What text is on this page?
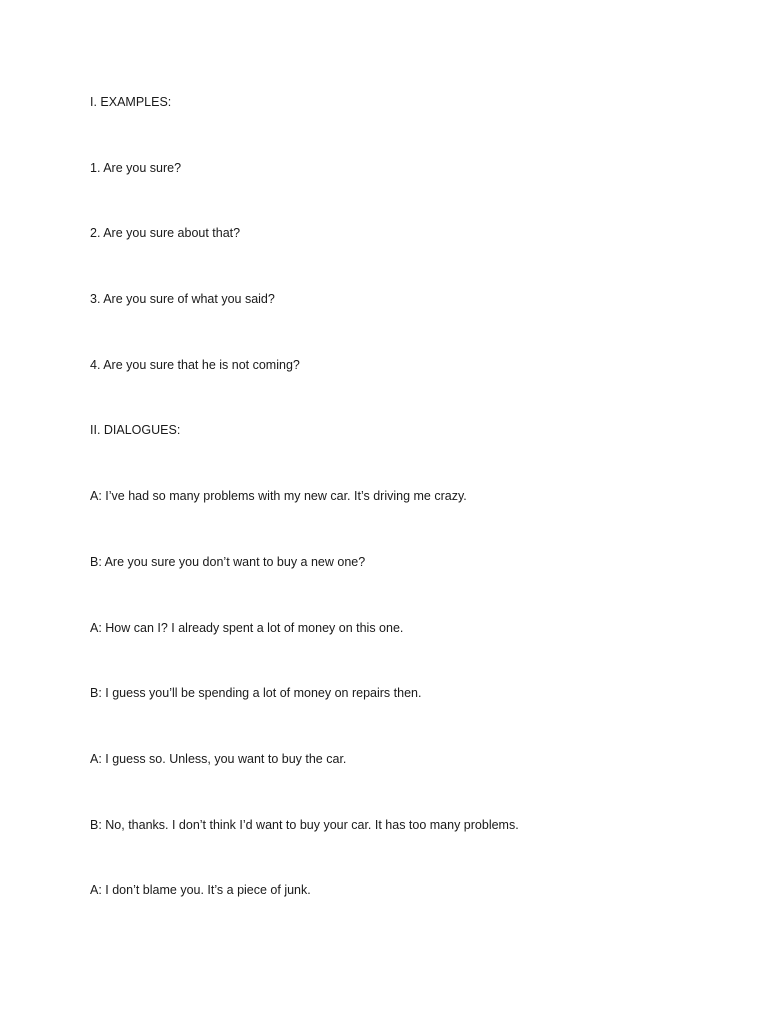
I. EXAMPLES:
1. Are you sure?
2. Are you sure about that?
3. Are you sure of what you said?
4. Are you sure that he is not coming?
II. DIALOGUES:
A: I’ve had so many problems with my new car. It’s driving me crazy.
B: Are you sure you don’t want to buy a new one?
A: How can I? I already spent a lot of money on this one.
B: I guess you’ll be spending a lot of money on repairs then.
A: I guess so. Unless, you want to buy the car.
B: No, thanks. I don’t think I’d want to buy your car. It has too many problems.
A: I don’t blame you. It’s a piece of junk.
